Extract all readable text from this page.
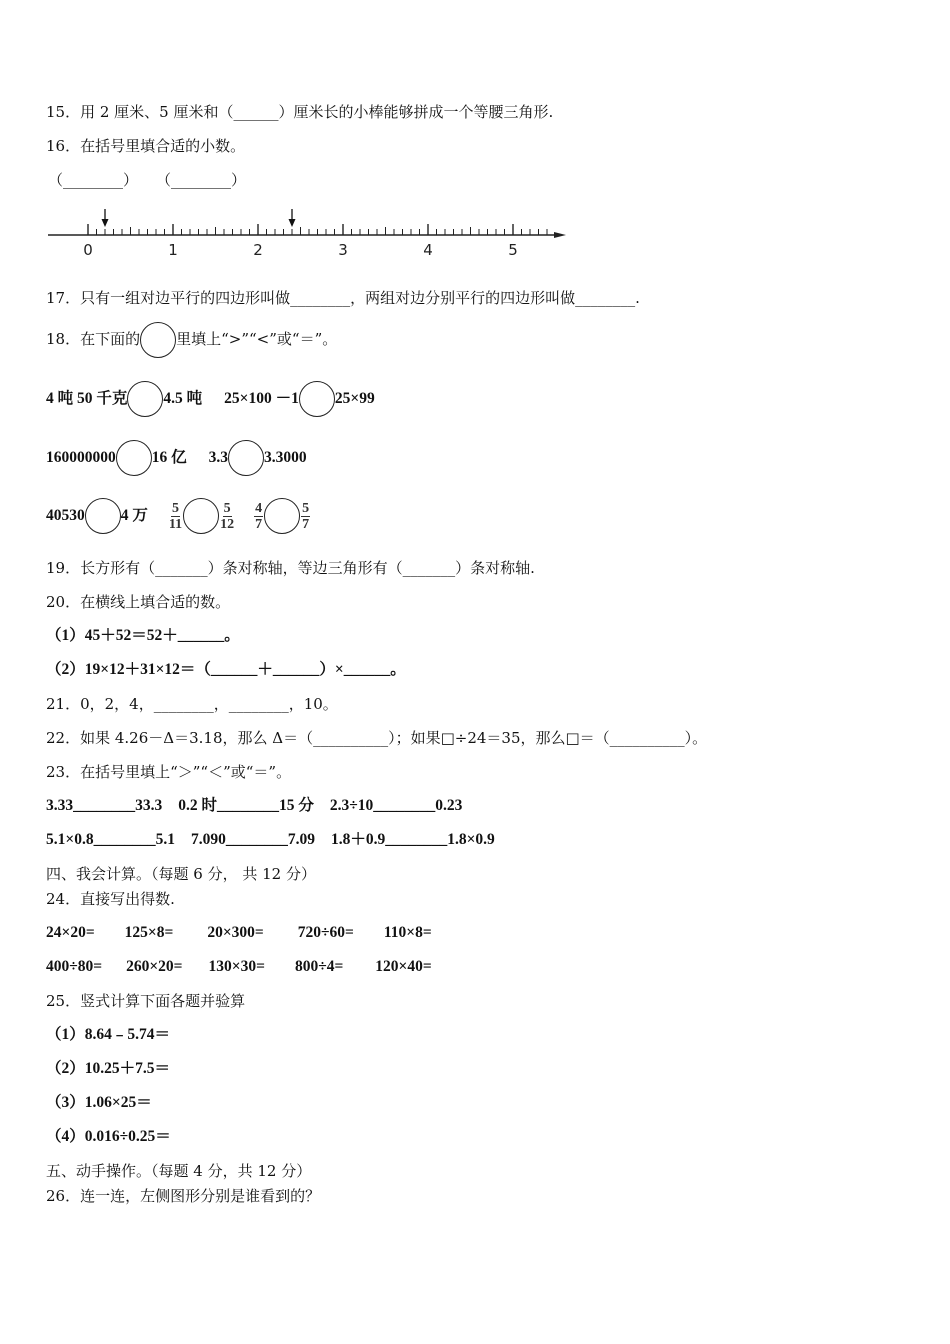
15．用 2 厘米、5 厘米和（______）厘米长的小棒能够拼成一个等腰三角形.
16．在括号里填合适的小数。
（________） （________）
0	1	2	3	4	5
17．只有一组对边平行的四边形叫做________，两组对边分别平行的四边形叫做________.
18．在下面的 里填上“>”“<”或“＝”。
4 吨 50 千克 4.5 吨 25×100 －1 25×99
160000000 16 亿 3.3 3.3000
40530 4 万 $\frac{5}{11}$	$\frac{5}{12} \frac{4}{7}$	$\frac{5}{7}$
19．长方形有（_______）条对称轴，等边三角形有（_______）条对称轴.
20．在横线上填合适的数。
（1）45＋52＝52＋______。
（2）19×12＋31×12＝（______＋______）×______。
21．0，2，4，________，________，10。
22．如果 4.26－Δ＝3.18，那么 Δ＝（__________）；如果□÷24＝35，那么□＝（__________）。
23．在括号里填上“＞”“＜”或“＝”。
3.33________33.3 0.2 时________15 分 2.3÷10________0.23
5.1×0.8________5.1 7.090________7.09 1.8＋0.9________1.8×0.9
四、我会计算。（每题 6 分， 共 12 分）
24．直接写出得数.
24×20= 125×8= 20×300= 720÷60= 110×8=
400÷80= 260×20= 130×30= 800÷4= 120×40=
25．竖式计算下面各题并验算
（1）8.64﹣5.74＝
（2）10.25＋7.5＝
（3）1.06×25＝
（4）0.016÷0.25＝
五、动手操作。（每题 4 分，共 12 分）
26．连一连，左侧图形分别是谁看到的？
